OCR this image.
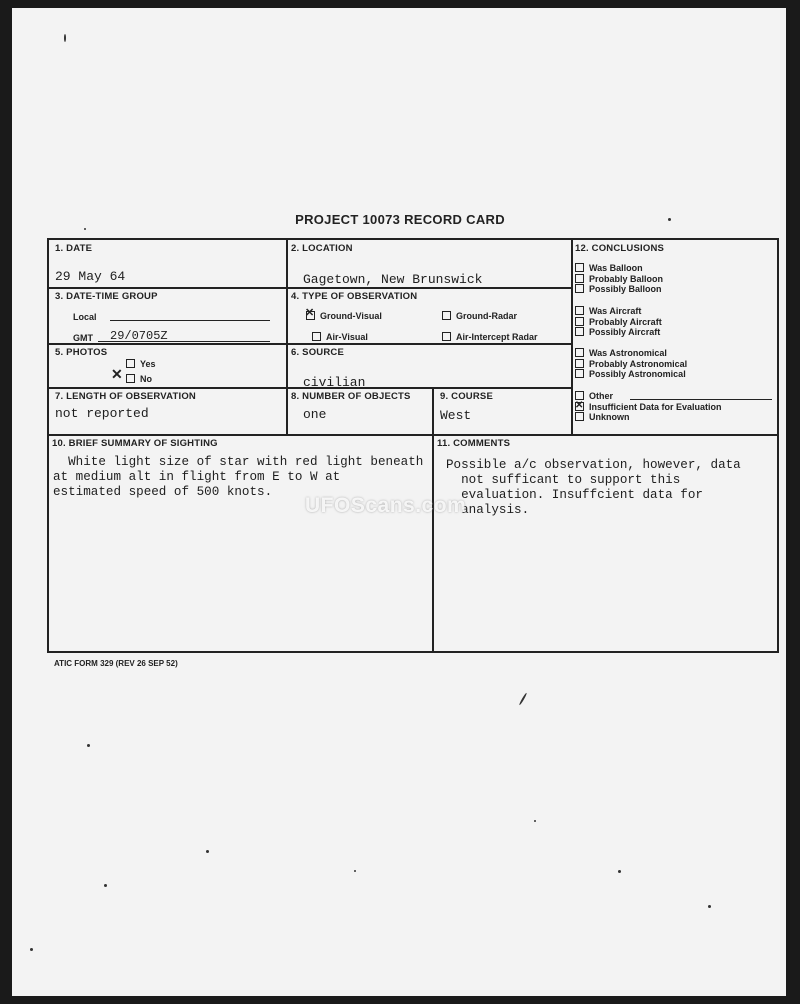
PROJECT 10073 RECORD CARD
1. DATE
29 May 64
2. LOCATION
Gagetown, New Brunswick
3. DATE-TIME GROUP
Local
GMT 29/0705Z
4. TYPE OF OBSERVATION
Ground-Visual
✕	Ground-Radar
Air-Visual	Air-Intercept Radar
5. PHOTOS
Yes
No
✕
6. SOURCE
civilian
7. LENGTH OF OBSERVATION
not reported
8. NUMBER OF OBJECTS
one
9. COURSE
West
12. CONCLUSIONS
Was Balloon
Probably Balloon
Possibly Balloon
Was Aircraft
Probably Aircraft
Possibly Aircraft
Was Astronomical
Probably Astronomical
Possibly Astronomical
Other
Insufficient Data for Evaluation
Unknown
✕
10. BRIEF SUMMARY OF SIGHTING
White light size of star with red light beneath
at medium alt in flight from E to W at
estimated speed of 500 knots.
11. COMMENTS
Possible a/c observation, however, data
not sufficant to support this
evaluation. Insuffcient data for
analysis.
UFOScans.com
ATIC FORM 329 (REV 26 SEP 52)
